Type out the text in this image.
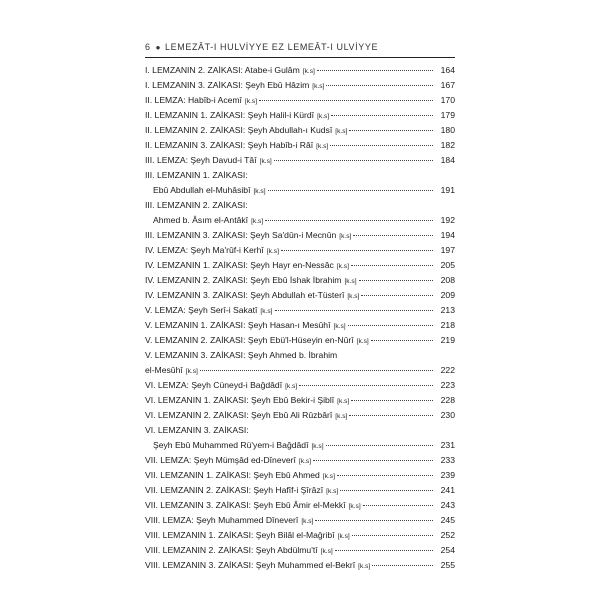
6 ● LEMEZÂT-I HULVİYYE EZ LEMEÂT-I ULVİYYE
I. LEMZANIN 2. ZAİKASI: Atabe-i Gulâm [k.s]	164
I. LEMZANIN 3. ZAİKASI: Şeyh Ebû Hâzim [k.s]	167
II. LEMZA: Habîb-i Acemî [k.s]	170
II. LEMZANIN 1. ZAİKASI: Şeyh Halil-i Kürdî [k.s]	179
II. LEMZANIN 2. ZAİKASI: Şeyh Abdullah-ı Kudsî [k.s]	180
II. LEMZANIN 3. ZAİKASI: Şeyh Habîb-i Râî [k.s]	182
III. LEMZA: Şeyh Davud-i Tâî [k.s]	184
III. LEMZANIN 1. ZAİKASI:
Ebû Abdullah el-Muhâsibî [k.s]	191
III. LEMZANIN 2. ZAİKASI:
Ahmed b. Âsım el-Antâkî [k.s]	192
III. LEMZANIN 3. ZAİKASI: Şeyh Sa'dûn-i Mecnûn [k.s]	194
IV. LEMZA: Şeyh Ma'rûf-i Kerhî [k.s]	197
IV. LEMZANIN 1. ZAİKASI: Şeyh Hayr en-Nessâc [k.s]	205
IV. LEMZANIN 2. ZAİKASI: Şeyh Ebû İshak İbrahim [k.s]	208
IV. LEMZANIN 3. ZAİKASI: Şeyh Abdullah et-Tüsterî [k.s]	209
V. LEMZA: Şeyh Serî-i Sakatî [k.s]	213
V. LEMZANIN 1. ZAİKASI: Şeyh Hasan-ı Mesûhî [k.s]	218
V. LEMZANIN 2. ZAİKASI: Şeyh Ebü'l-Hüseyin en-Nûrî [k.s]	219
V. LEMZANIN 3. ZAİKASI: Şeyh Ahmed b. İbrahim
el-Mesûhî [k.s]	222
VI. LEMZA: Şeyh Cüneyd-i Bağdâdî [k.s]	223
VI. LEMZANIN 1. ZAİKASI: Şeyh Ebû Bekir-i Şiblî [k.s]	228
VI. LEMZANIN 2. ZAİKASI: Şeyh Ebû Ali Rûzbârî [k.s]	230
VI. LEMZANIN 3. ZAİKASI:
Şeyh Ebû Muhammed Rü'yem-i Bağdâdî [k.s]	231
VII. LEMZA: Şeyh Mümşâd ed-Dîneverî [k.s]	233
VII. LEMZANIN 1. ZAİKASI: Şeyh Ebû Ahmed [k.s]	239
VII. LEMZANIN 2. ZAİKASI: Şeyh Hafîf-i Şîrâzî [k.s]	241
VII. LEMZANIN 3. ZAİKASI: Şeyh Ebû Âmir el-Mekkî [k.s]	243
VIII. LEMZA: Şeyh Muhammed Dîneverî [k.s]	245
VIII. LEMZANIN 1. ZAİKASI: Şeyh Bilâl el-Mağribî [k.s]	252
VIII. LEMZANIN 2. ZAİKASI: Şeyh Abdülmu'tî [k.s]	254
VIII. LEMZANIN 3. ZAİKASI: Şeyh Muhammed el-Bekrî [k.s]	255
